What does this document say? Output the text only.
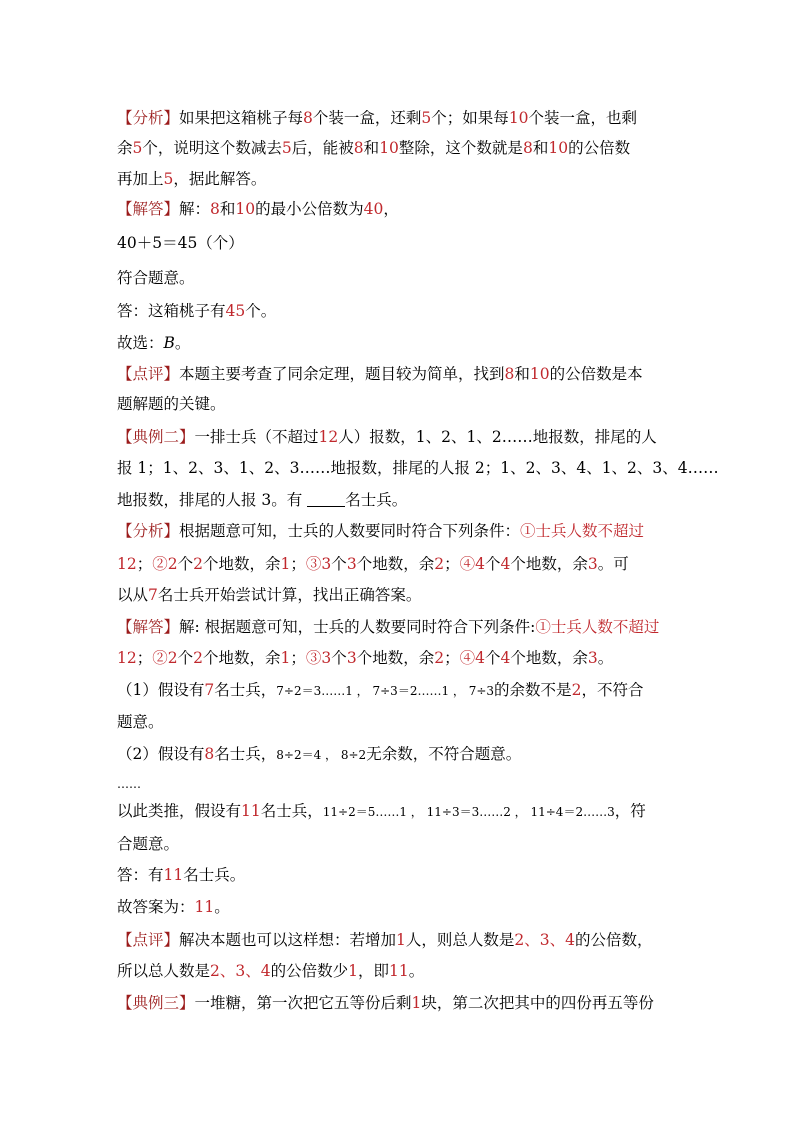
【分析】如果把这箱桃子每8个装一盒，还剩5个；如果每10个装一盒，也剩
余5个，说明这个数减去5后，能被8和10整除，这个数就是8和10的公倍数
再加上5，据此解答。
【解答】解：8和10的最小公倍数为40，
40＋5＝45（个）
符合题意。
答：这箱桃子有45个。
故选：B。
【点评】本题主要考查了同余定理，题目较为简单，找到8和10的公倍数是本
题解题的关键。
【典例二】一排士兵（不超过12人）报数，1、2、1、2……地报数，排尾的人
报 1；1、2、3、1、2、3……地报数，排尾的人报 2；1、2、3、4、1、2、3、4……
地报数，排尾的人报 3。有 名士兵。
【分析】根据题意可知，士兵的人数要同时符合下列条件：①士兵人数不超过
12；②2个2个地数，余1；③3个3个地数，余2；④4个4个地数，余3。可
以从7名士兵开始尝试计算，找出正确答案。
【解答】解: 根据题意可知，士兵的人数要同时符合下列条件:①士兵人数不超过
12；②2个2个地数，余1；③3个3个地数，余2；④4个4个地数，余3。
（1）假设有7名士兵，7÷2＝3……1 ， 7÷3＝2……1 ， 7÷3的余数不是2，不符合
题意。
（2）假设有8名士兵，8÷2＝4 ， 8÷2无余数，不符合题意。
……
以此类推，假设有11名士兵，11÷2＝5……1 ， 11÷3＝3……2 ， 11÷4＝2……3，符
合题意。
答：有11名士兵。
故答案为：11。
【点评】解决本题也可以这样想：若增加1人，则总人数是2、3、4的公倍数，
所以总人数是2、3、4的公倍数少1，即11。
【典例三】一堆糖，第一次把它五等份后剩1块，第二次把其中的四份再五等份
